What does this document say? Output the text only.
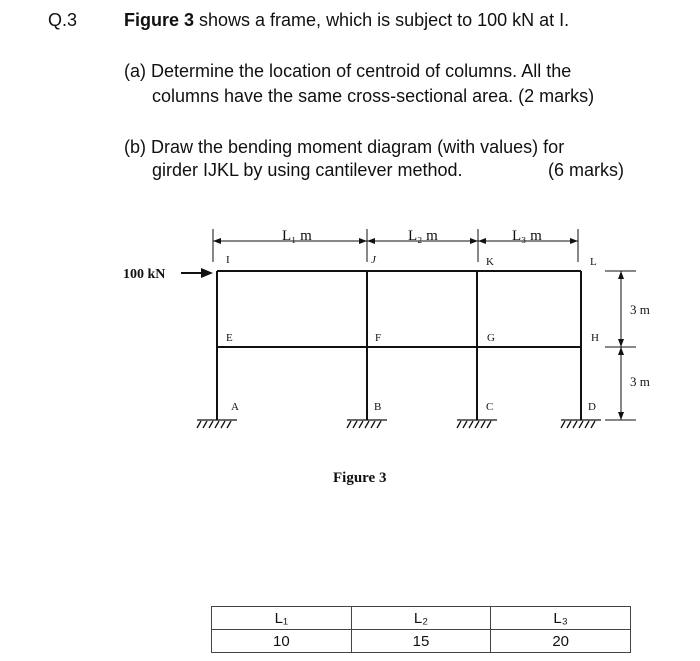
Q.3	Figure 3 shows a frame, which is subject to 100 kN at I.
(a) Determine the location of centroid of columns. All the
columns have the same cross-sectional area. (2 marks)
(b) Draw the bending moment diagram (with values) for
girder IJKL by using cantilever method.	(6 marks)
L₁ m	L₂ m	L₃ m
100 kN
I	J	K	L
E	F	G	H
A	B	C	D
3 m
3 m
Figure 3
L₁	L₂	L₃
10	15	20
